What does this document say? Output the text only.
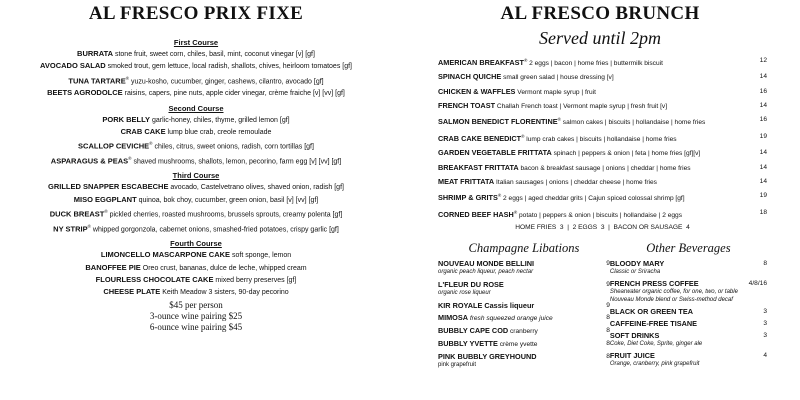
AL FRESCO PRIX FIXE
First Course
BURRATA stone fruit, sweet corn, chiles, basil, mint, coconut vinegar [v] [gf]
AVOCADO SALAD smoked trout, gem lettuce, local radish, shallots, chives, heirloom tomatoes [gf]
TUNA TARTARE® yuzu-kosho, cucumber, ginger, cashews, cilantro, avocado [gf]
BEETS AGRODOLCE raisins, capers, pine nuts, apple cider vinegar, crème fraiche [v] [vv] [gf]
Second Course
PORK BELLY garlic-honey, chiles, thyme, grilled lemon [gf]
CRAB CAKE lump blue crab, creole remoulade
SCALLOP CEVICHE® chiles, citrus, sweet onions, radish, corn tortillas [gf]
ASPARAGUS & PEAS® shaved mushrooms, shallots, lemon, pecorino, farm egg [v] [vv] [gf]
Third Course
GRILLED SNAPPER ESCABECHE avocado, Castelvetrano olives, shaved onion, radish [gf]
MISO EGGPLANT quinoa, bok choy, cucumber, green onion, basil [v] [vv] [gf]
DUCK BREAST® pickled cherries, roasted mushrooms, brussels sprouts, creamy polenta [gf]
NY STRIP® whipped gorgonzola, cabernet onions, smashed-fried potatoes, crispy garlic [gf]
Fourth Course
LIMONCELLO MASCARPONE CAKE soft sponge, lemon
BANOFFEE PIE Oreo crust, bananas, dulce de leche, whipped cream
FLOURLESS CHOCOLATE CAKE mixed berry preserves [gf]
CHEESE PLATE Keith Meadow 3 sisters, 90-day pecorino
$45 per person
3-ounce wine pairing $25
6-ounce wine pairing $45
AL FRESCO BRUNCH
Served until 2pm
AMERICAN BREAKFAST® 2 eggs | bacon | home fries | buttermilk biscuit	12
SPINACH QUICHE small green salad | house dressing [v]	14
CHICKEN & WAFFLES Vermont maple syrup | fruit	16
FRENCH TOAST Challah French toast | Vermont maple syrup | fresh fruit [v]	14
SALMON BENEDICT FLORENTINE® salmon cakes | biscuits | hollandaise | home fries	16
CRAB CAKE BENEDICT® lump crab cakes | biscuits | hollandaise | home fries	19
GARDEN VEGETABLE FRITTATA spinach | peppers & onion | feta | home fries [gf][v]	14
BREAKFAST FRITTATA bacon & breakfast sausage | onions | cheddar | home fries	14
MEAT FRITTATA Italian sausages | onions | cheddar cheese | home fries	14
SHRIMP & GRITS® 2 eggs | aged cheddar grits | Cajun spiced colossal shrimp [gf]	19
CORNED BEEF HASH® potato | peppers & onion | biscuits | hollandaise | 2 eggs	18
HOME FRIES  3  |  2 EGGS  3  |  BACON OR SAUSAGE  4
Champagne Libations
NOUVEAU MONDE BELLINI	9
organic peach liqueur, peach nectar
L'FLEUR DU ROSE	9
organic rose liqueur
KIR ROYALE Cassis liqueur	9
MIMOSA fresh squeezed orange juice	8
BUBBLY CAPE COD cranberry	8
BUBBLY YVETTE crème yvette	8
PINK BUBBLY GREYHOUND	8
pink grapefruit
Other Beverages
BLOODY MARY	8
Classic or Sriracha
FRENCH PRESS COFFEE	4/8/16
Shearwater organic coffee, for one, two, or table
Nouveau Monde blend or Swiss-method decaf
BLACK OR GREEN TEA	3
CAFFEINE-FREE TISANE	3
SOFT DRINKS	3
Coke, Diet Coke, Sprite, ginger ale
FRUIT JUICE	4
Orange, cranberry, pink grapefruit
